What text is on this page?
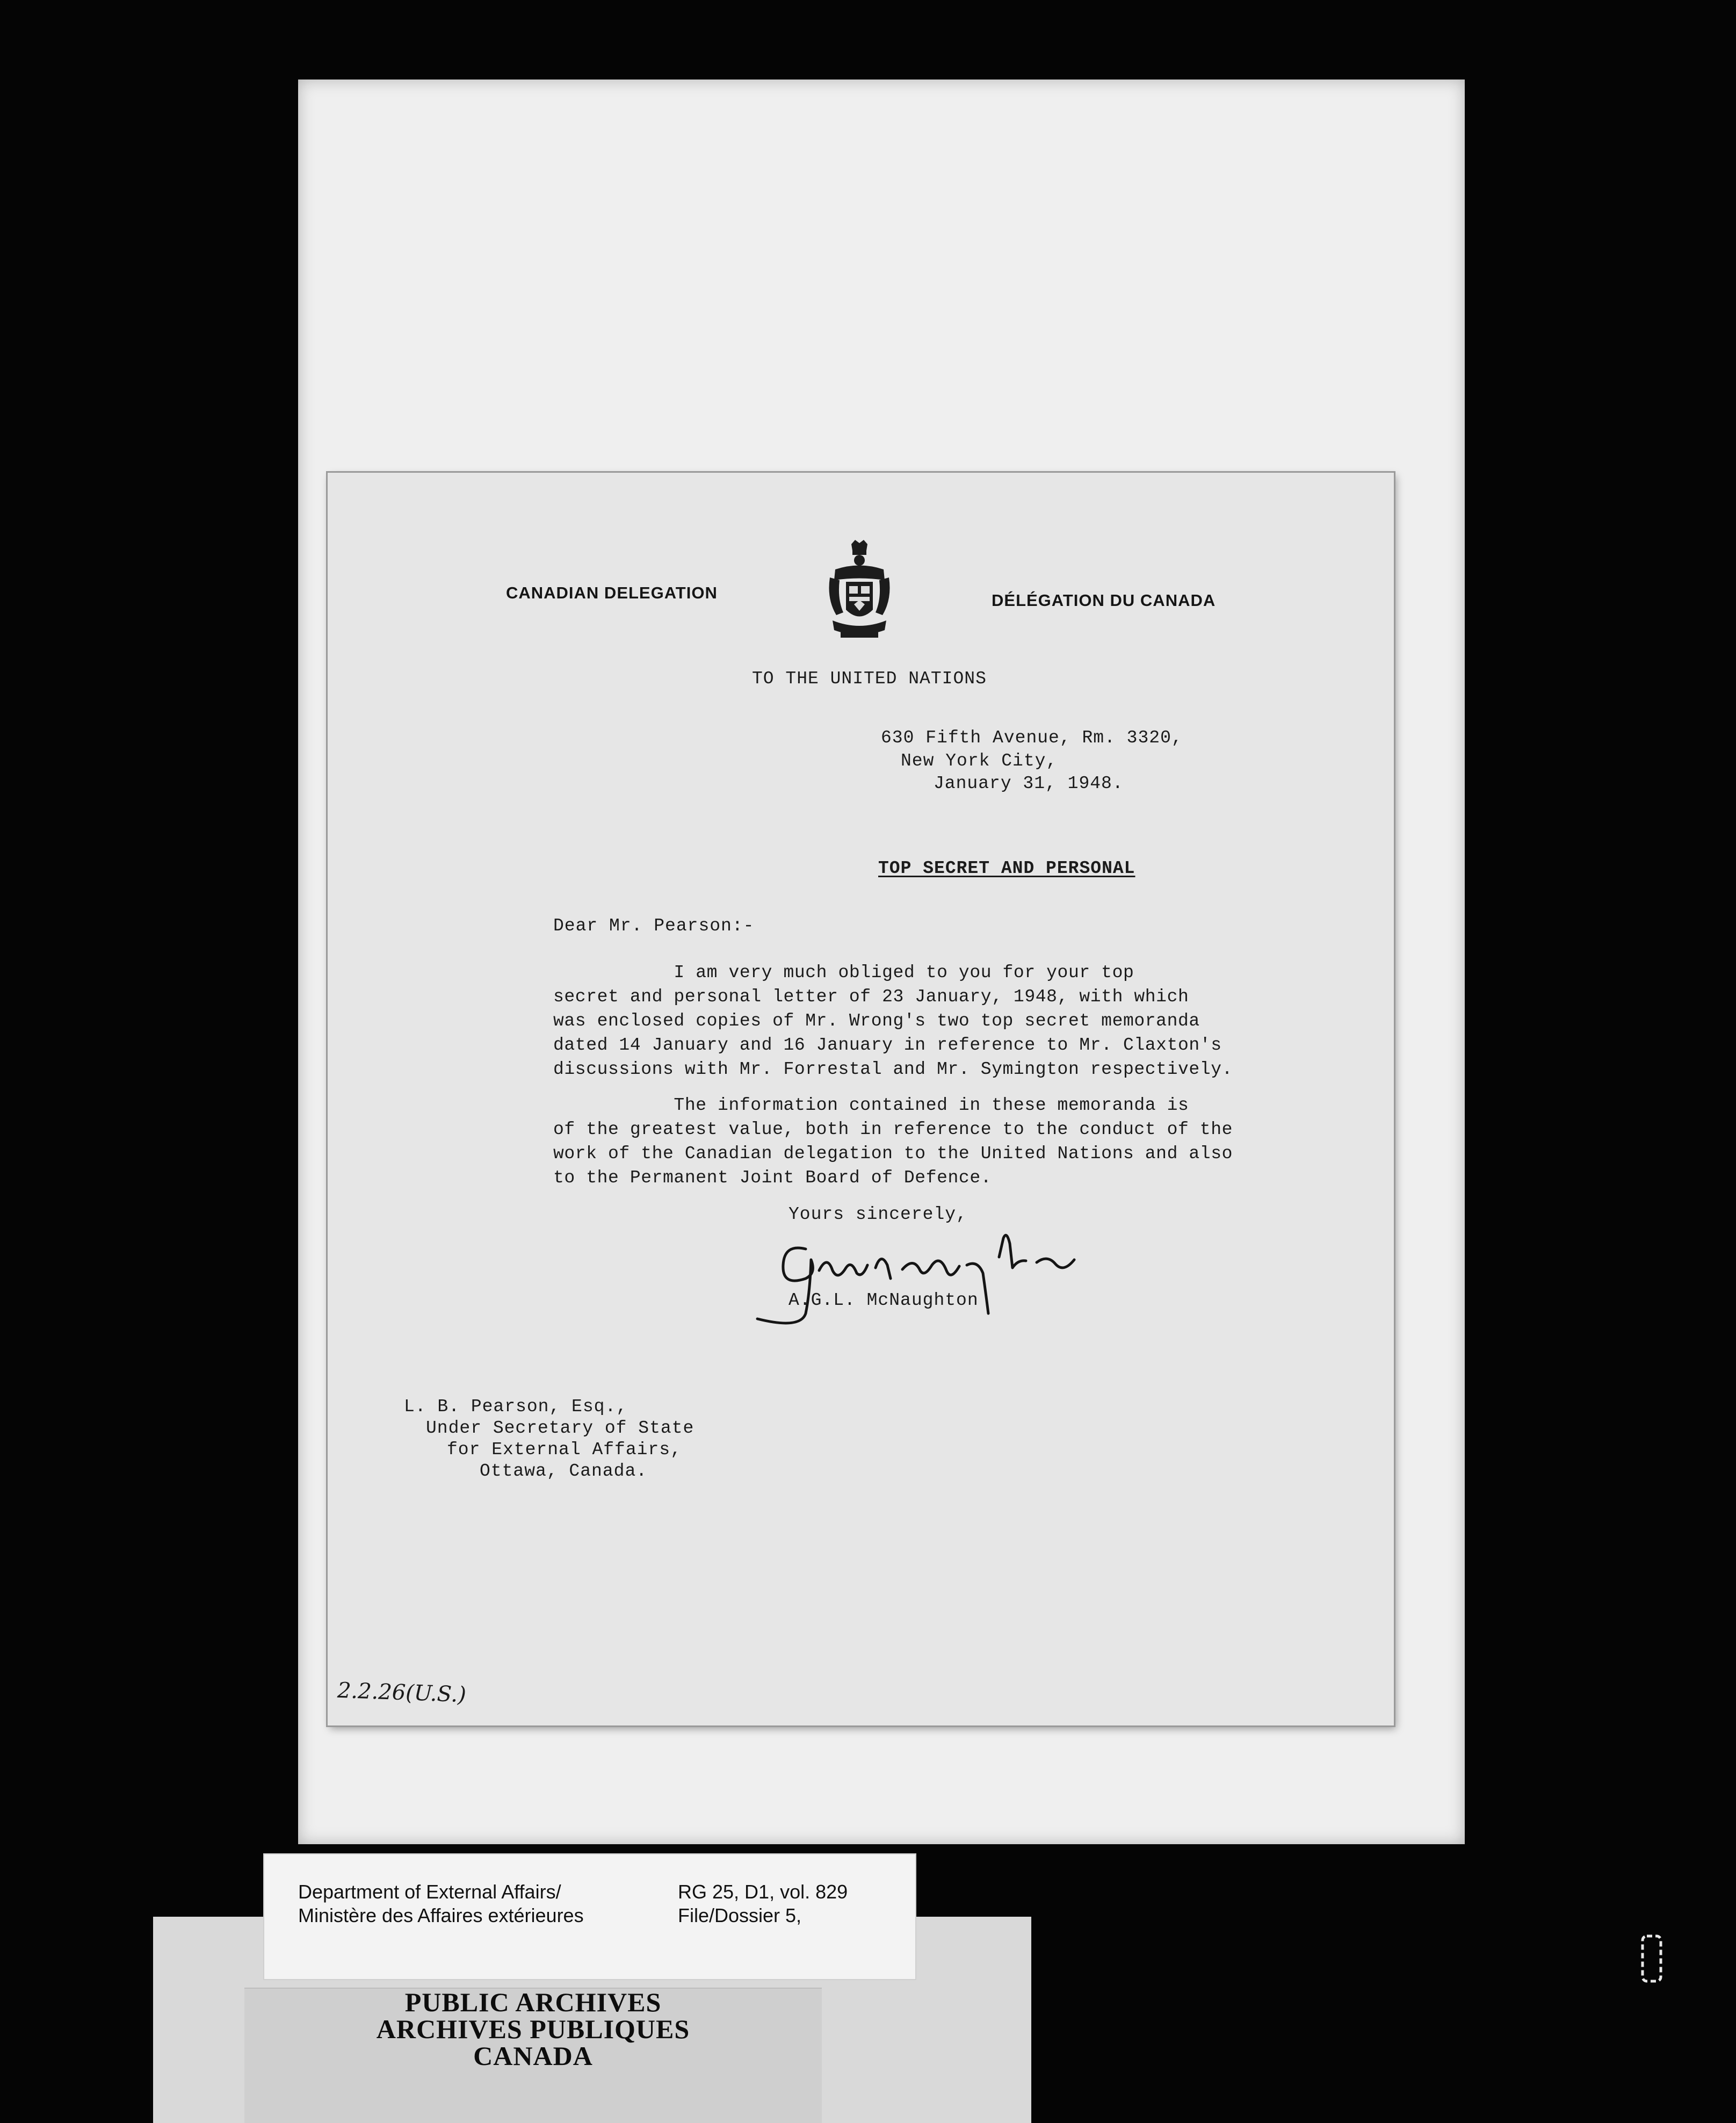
CANADIAN DELEGATION	DÉLÉGATION DU CANADA

TO THE UNITED NATIONS

630 Fifth Avenue, Rm. 3320,

New York City,

January 31, 1948.

TOP SECRET AND PERSONAL

Dear Mr. Pearson:-

I am very much obliged to you for your top
secret and personal letter of 23 January, 1948, with which
was enclosed copies of Mr. Wrong's two top secret memoranda
dated 14 January and 16 January in reference to Mr. Claxton's
discussions with Mr. Forrestal and Mr. Symington respectively.

The information contained in these memoranda is
of the greatest value, both in reference to the conduct of the
work of the Canadian delegation to the United Nations and also
to the Permanent Joint Board of Defence.

Yours sincerely,

A.G.L. McNaughton

L. B. Pearson, Esq.,

Under Secretary of State

for External Affairs,

Ottawa, Canada.

2.2.26(U.S.)

Department of External Affairs/

Ministère des Affaires extérieures

RG 25, D1, vol. 829

File/Dossier 5,

PUBLIC ARCHIVES
ARCHIVES PUBLIQUES
CANADA
